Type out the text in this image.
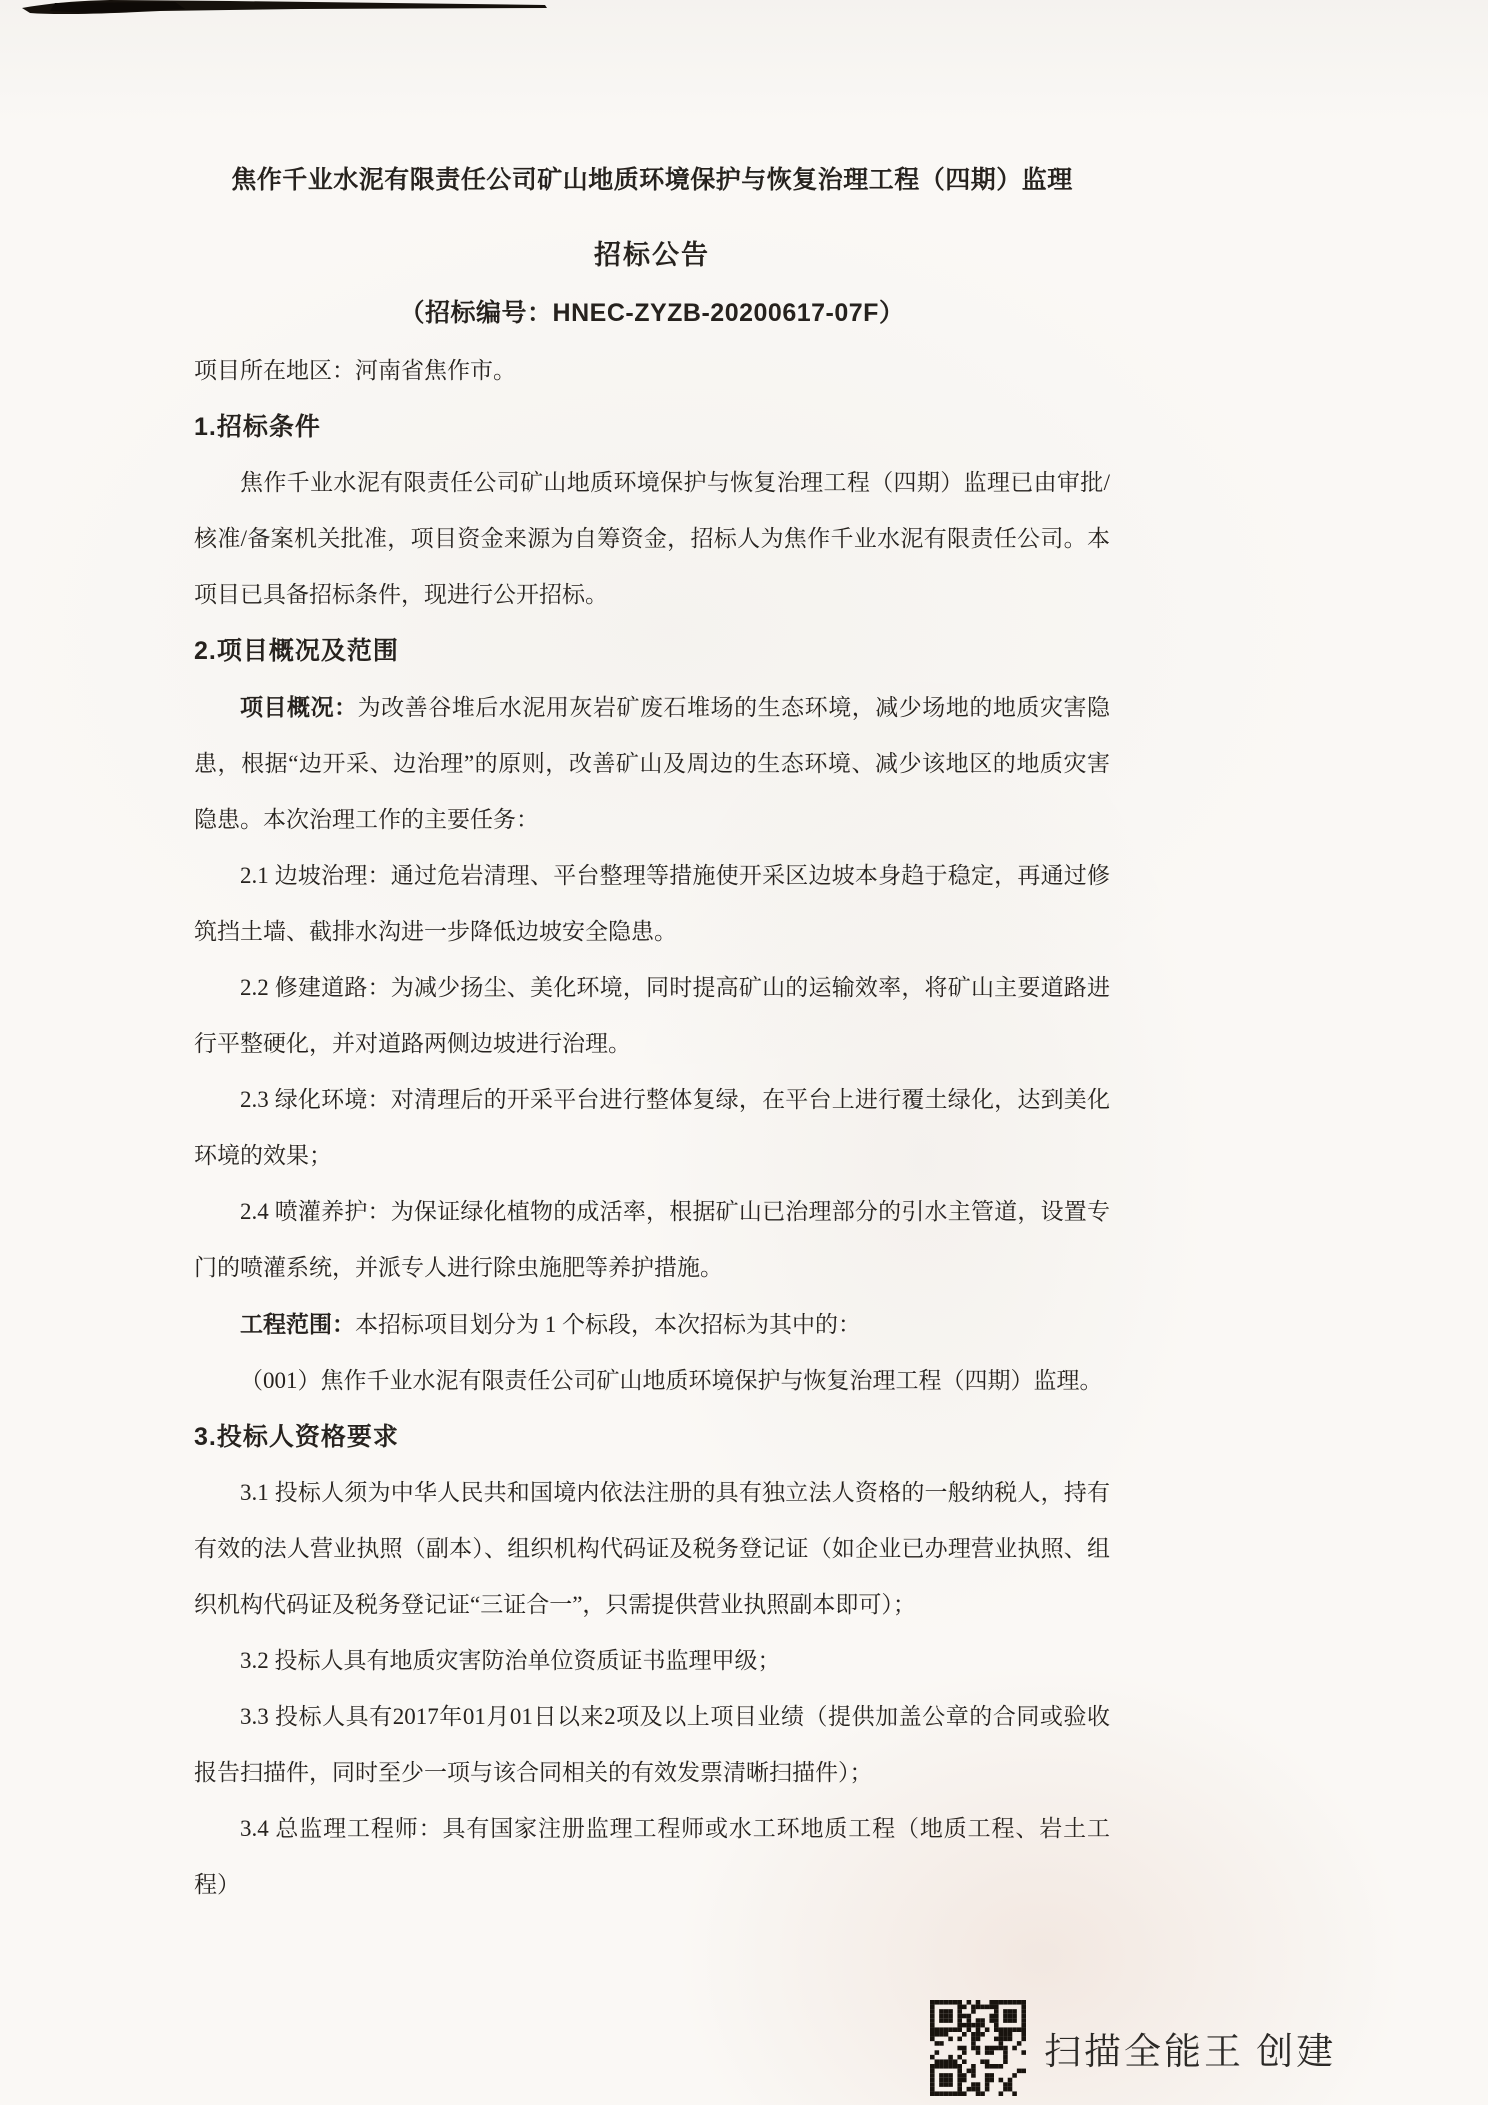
焦作千业水泥有限责任公司矿山地质环境保护与恢复治理工程（四期）监理
招标公告

（招标编号：HNEC-ZYZB-20200617-07F）

项目所在地区：河南省焦作市。

1.招标条件

焦作千业水泥有限责任公司矿山地质环境保护与恢复治理工程（四期）监理已由审批/核准/备案机关批准，项目资金来源为自筹资金，招标人为焦作千业水泥有限责任公司。本项目已具备招标条件，现进行公开招标。

2.项目概况及范围

项目概况：为改善谷堆后水泥用灰岩矿废石堆场的生态环境，减少场地的地质灾害隐患，根据“边开采、边治理”的原则，改善矿山及周边的生态环境、减少该地区的地质灾害隐患。本次治理工作的主要任务：

2.1 边坡治理：通过危岩清理、平台整理等措施使开采区边坡本身趋于稳定，再通过修筑挡土墙、截排水沟进一步降低边坡安全隐患。

2.2 修建道路：为减少扬尘、美化环境，同时提高矿山的运输效率，将矿山主要道路进行平整硬化，并对道路两侧边坡进行治理。

2.3 绿化环境：对清理后的开采平台进行整体复绿，在平台上进行覆土绿化，达到美化环境的效果；

2.4 喷灌养护：为保证绿化植物的成活率，根据矿山已治理部分的引水主管道，设置专门的喷灌系统，并派专人进行除虫施肥等养护措施。

工程范围：本招标项目划分为 1 个标段，本次招标为其中的：

（001）焦作千业水泥有限责任公司矿山地质环境保护与恢复治理工程（四期）监理。

3.投标人资格要求

3.1 投标人须为中华人民共和国境内依法注册的具有独立法人资格的一般纳税人，持有有效的法人营业执照（副本）、组织机构代码证及税务登记证（如企业已办理营业执照、组织机构代码证及税务登记证“三证合一”，只需提供营业执照副本即可）；

3.2 投标人具有地质灾害防治单位资质证书监理甲级；

3.3 投标人具有2017年01月01日以来2项及以上项目业绩（提供加盖公章的合同或验收报告扫描件，同时至少一项与该合同相关的有效发票清晰扫描件）；

3.4 总监理工程师：具有国家注册监理工程师或水工环地质工程（地质工程、岩土工程）

扫描全能王 创建
